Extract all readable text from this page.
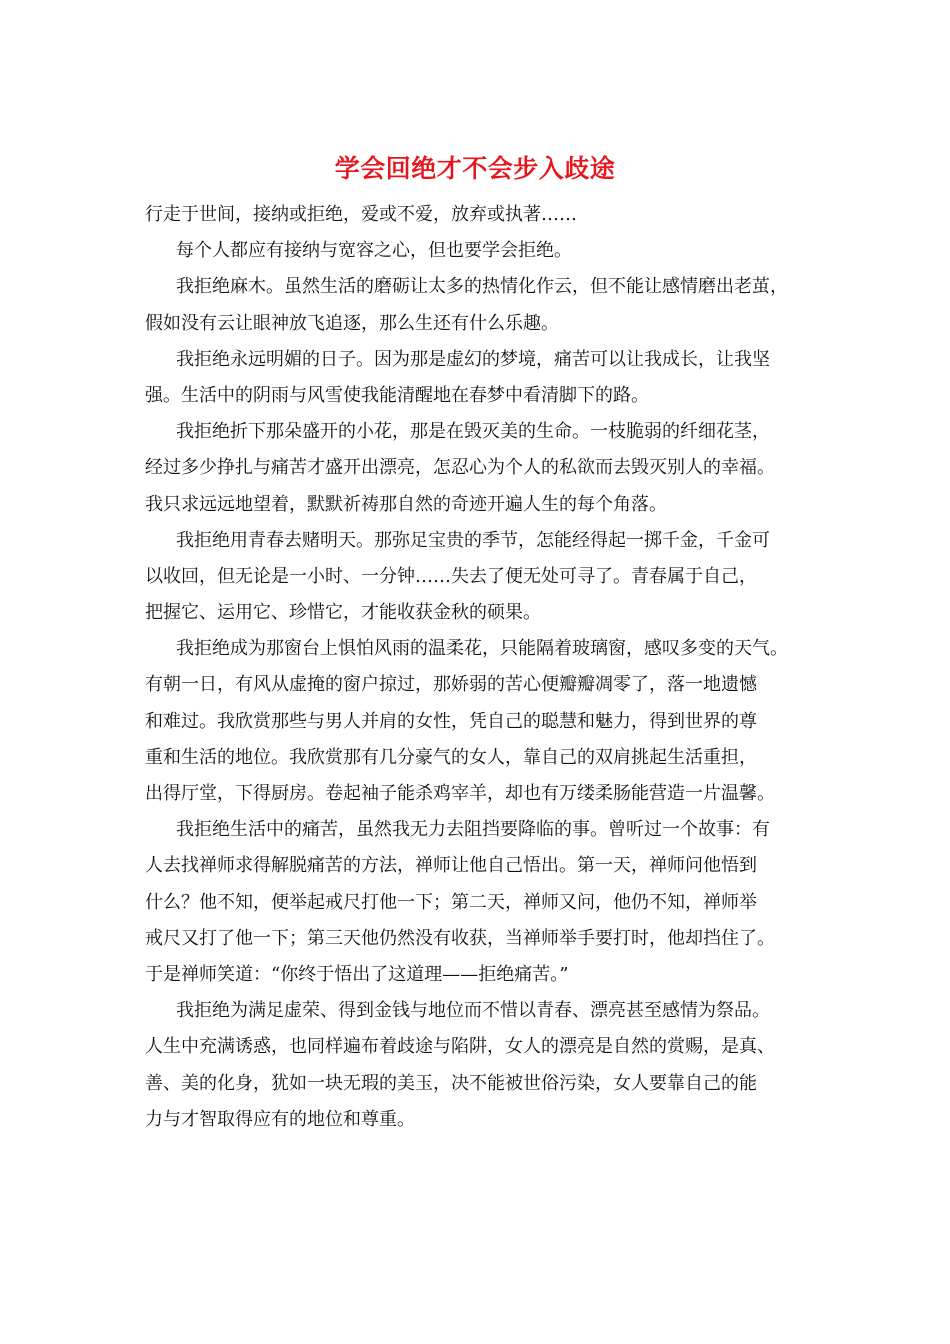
学会回绝才不会步入歧途
行走于世间，接纳或拒绝，爱或不爱，放弃或执著……
每个人都应有接纳与宽容之心，但也要学会拒绝。
我拒绝麻木。虽然生活的磨砺让太多的热情化作云，但不能让感情磨出老茧，
假如没有云让眼神放飞追逐，那么生还有什么乐趣。
我拒绝永远明媚的日子。因为那是虚幻的梦境，痛苦可以让我成长，让我坚
强。生活中的阴雨与风雪使我能清醒地在春梦中看清脚下的路。
我拒绝折下那朵盛开的小花，那是在毁灭美的生命。一枝脆弱的纤细花茎，
经过多少挣扎与痛苦才盛开出漂亮，怎忍心为个人的私欲而去毁灭别人的幸福。
我只求远远地望着，默默祈祷那自然的奇迹开遍人生的每个角落。
我拒绝用青春去赌明天。那弥足宝贵的季节，怎能经得起一掷千金，千金可
以收回，但无论是一小时、一分钟……失去了便无处可寻了。青春属于自己，
把握它、运用它、珍惜它，才能收获金秋的硕果。
我拒绝成为那窗台上惧怕风雨的温柔花，只能隔着玻璃窗，感叹多变的天气。
有朝一日，有风从虚掩的窗户掠过，那娇弱的苦心便瓣瓣凋零了，落一地遗憾
和难过。我欣赏那些与男人并肩的女性，凭自己的聪慧和魅力，得到世界的尊
重和生活的地位。我欣赏那有几分豪气的女人，靠自己的双肩挑起生活重担，
出得厅堂，下得厨房。卷起袖子能杀鸡宰羊，却也有万缕柔肠能营造一片温馨。
我拒绝生活中的痛苦，虽然我无力去阻挡要降临的事。曾听过一个故事：有
人去找禅师求得解脱痛苦的方法，禅师让他自己悟出。第一天，禅师问他悟到
什么？他不知，便举起戒尺打他一下；第二天，禅师又问，他仍不知，禅师举
戒尺又打了他一下；第三天他仍然没有收获，当禅师举手要打时，他却挡住了。
于是禅师笑道：“你终于悟出了这道理——拒绝痛苦。”
我拒绝为满足虚荣、得到金钱与地位而不惜以青春、漂亮甚至感情为祭品。
人生中充满诱惑，也同样遍布着歧途与陷阱，女人的漂亮是自然的赏赐，是真、
善、美的化身，犹如一块无瑕的美玉，决不能被世俗污染，女人要靠自己的能
力与才智取得应有的地位和尊重。
